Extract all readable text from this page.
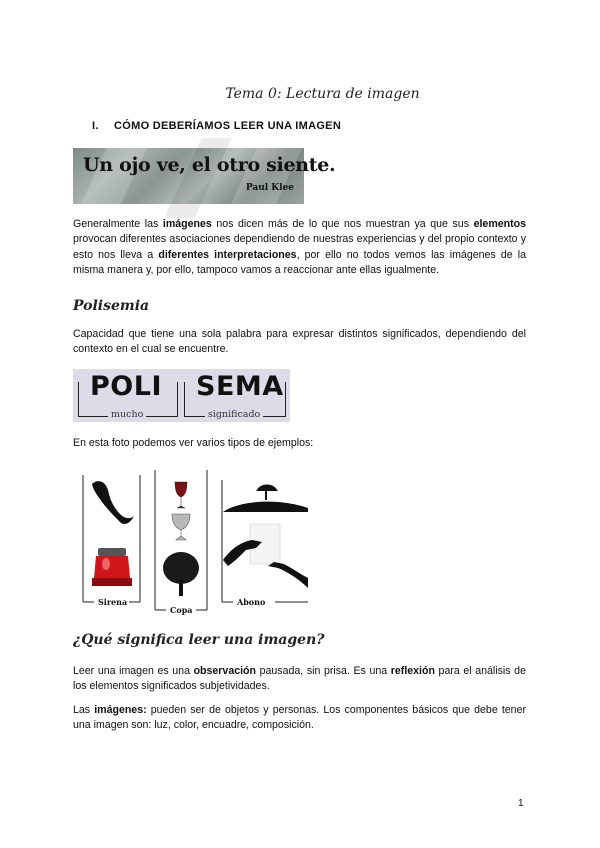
Tema 0: Lectura de imagen
I. CÓMO DEBERÍAMOS LEER UNA IMAGEN
Un ojo ve, el otro siente.
Paul Klee
Generalmente las imágenes nos dicen más de lo que nos muestran ya que sus elementos provocan diferentes asociaciones dependiendo de nuestras experiencias y del propio contexto y esto nos lleva a diferentes interpretaciones, por ello no todos vemos las imágenes de la misma manera y, por ello, tampoco vamos a reaccionar ante ellas igualmente.
Polisemia
Capacidad que tiene una sola palabra para expresar distintos significados, dependiendo del contexto en el cual se encuentre.
POLI SEMA
mucho	significado
En esta foto podemos ver varios tipos de ejemplos:
Sirena
Copa
Abono
¿Qué significa leer una imagen?
Leer una imagen es una observación pausada, sin prisa. Es una reflexión para el análisis de los elementos significados subjetividades.
Las imágenes: pueden ser de objetos y personas. Los componentes básicos que debe tener una imagen son: luz, color, encuadre, composición.
1
